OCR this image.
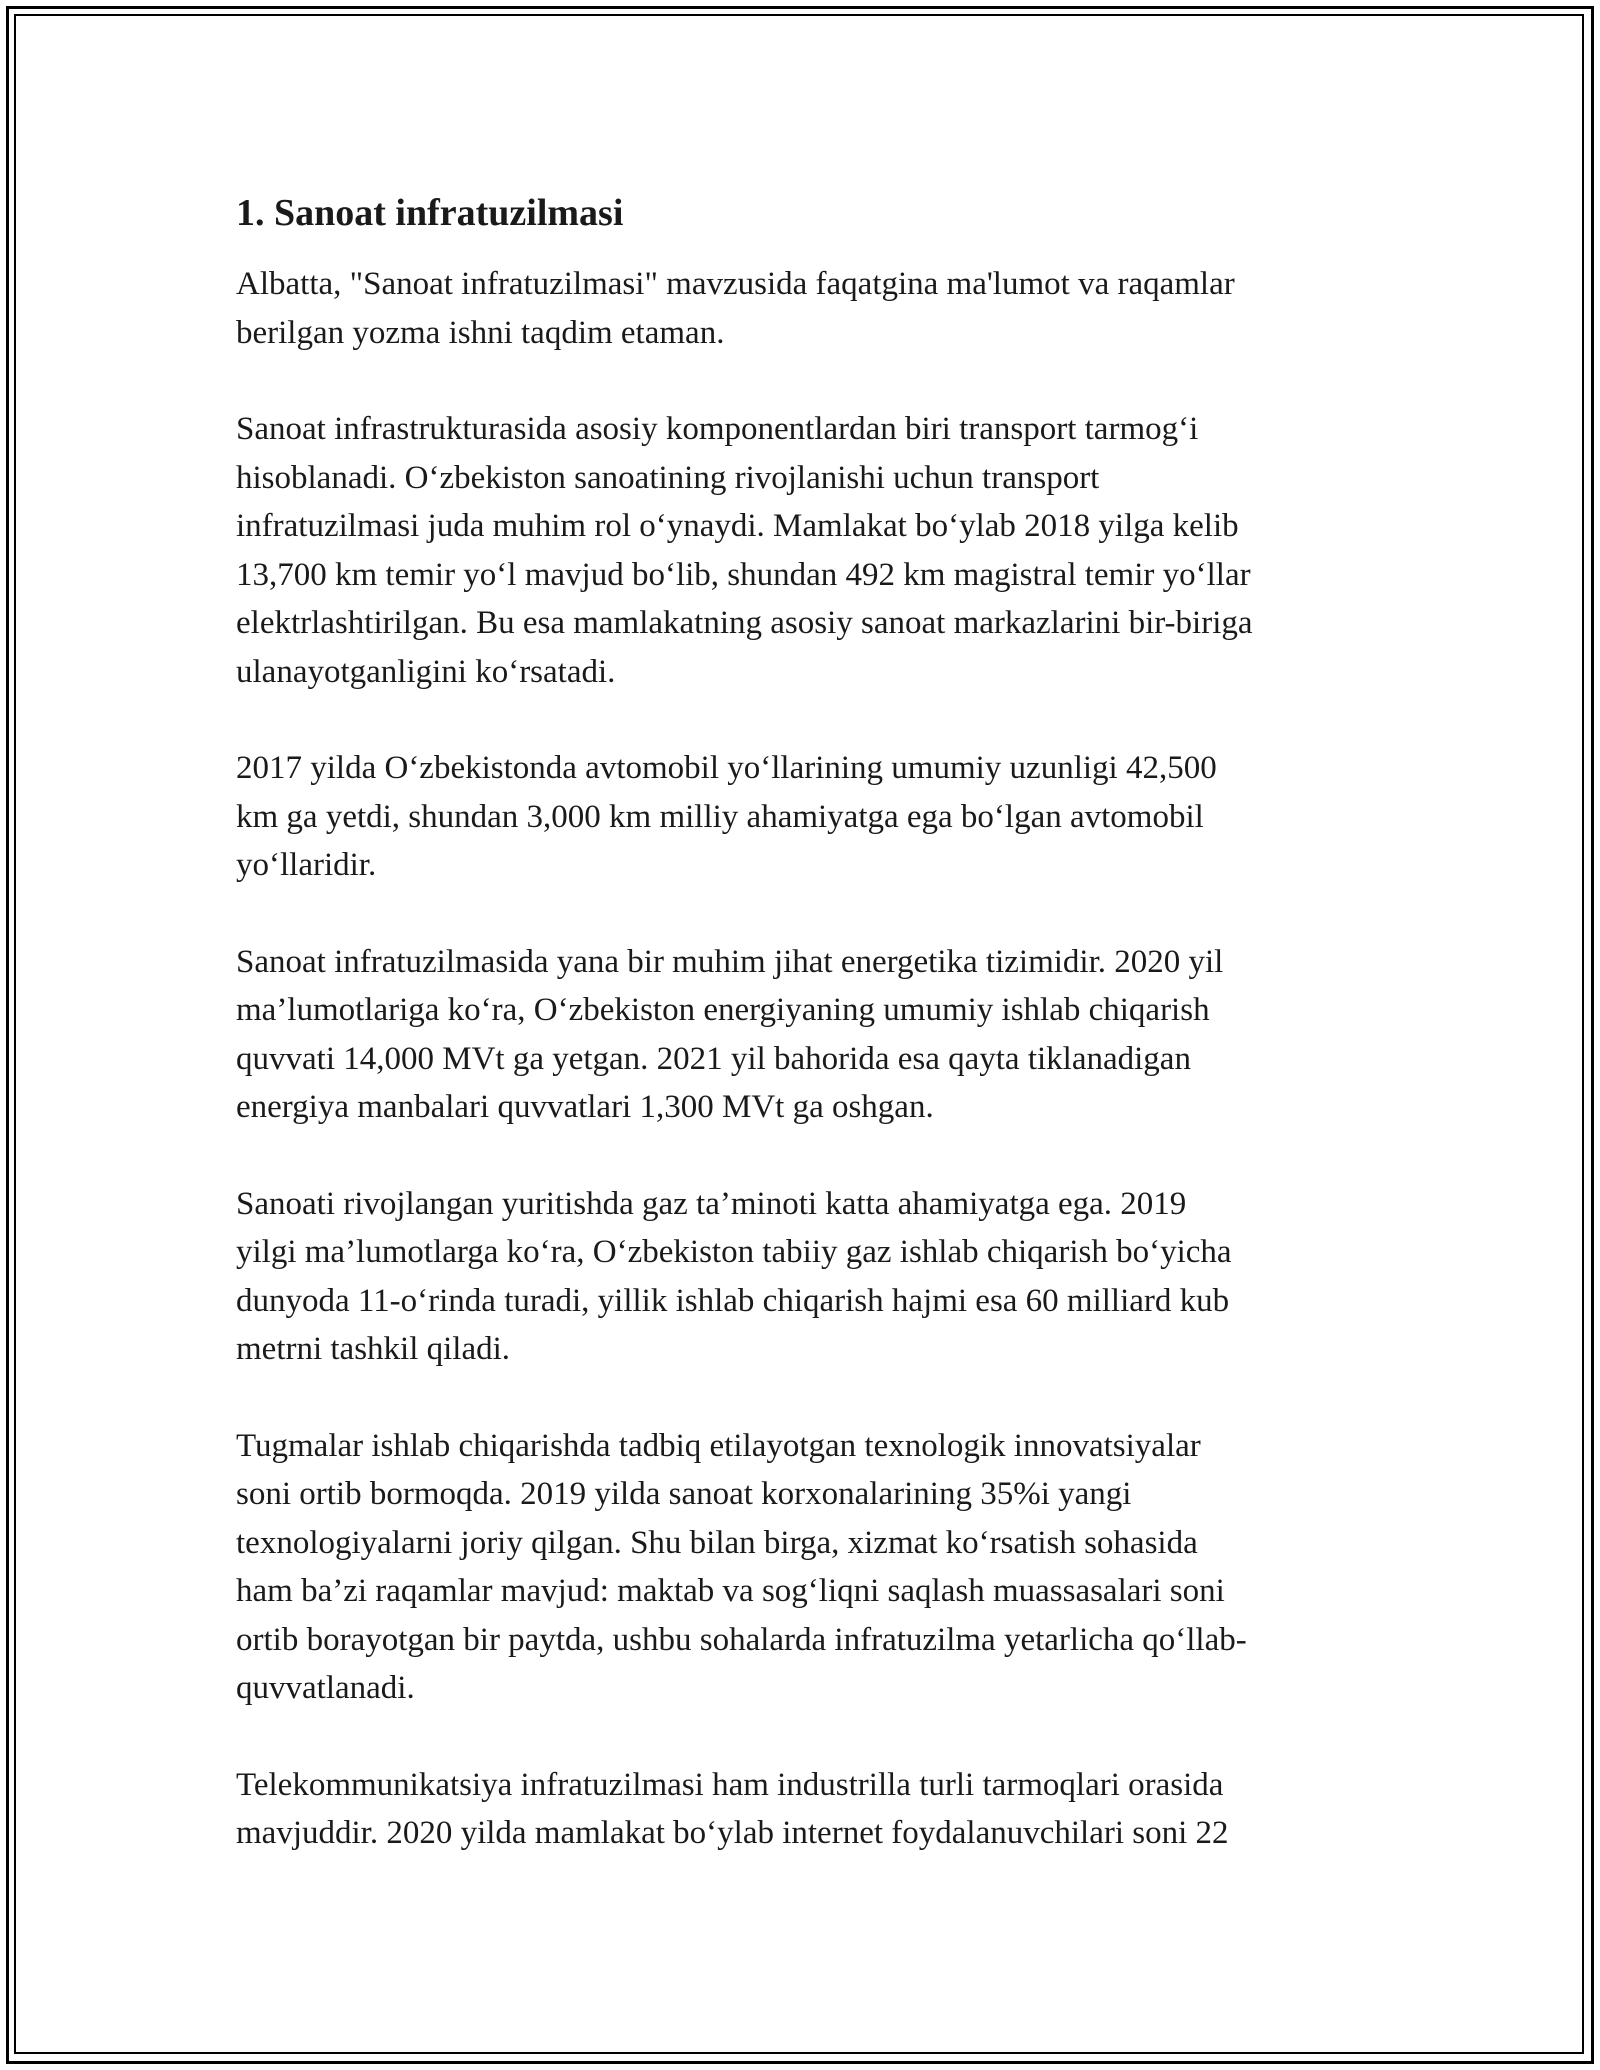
1. Sanoat infratuzilmasi

Albatta, "Sanoat infratuzilmasi" mavzusida faqatgina ma'lumot va raqamlar
berilgan yozma ishni taqdim etaman.

Sanoat infrastrukturasida asosiy komponentlardan biri transport tarmogʻi
hisoblanadi. Oʻzbekiston sanoatining rivojlanishi uchun transport
infratuzilmasi juda muhim rol oʻynaydi. Mamlakat boʻylab 2018 yilga kelib
13,700 km temir yoʻl mavjud boʻlib, shundan 492 km magistral temir yoʻllar
elektrlashtirilgan. Bu esa mamlakatning asosiy sanoat markazlarini bir-biriga
ulanayotganligini koʻrsatadi.

2017 yilda Oʻzbekistonda avtomobil yoʻllarining umumiy uzunligi 42,500
km ga yetdi, shundan 3,000 km milliy ahamiyatga ega boʻlgan avtomobil
yoʻllaridir.

Sanoat infratuzilmasida yana bir muhim jihat energetika tizimidir. 2020 yil
ma’lumotlariga koʻra, Oʻzbekiston energiyaning umumiy ishlab chiqarish
quvvati 14,000 MVt ga yetgan. 2021 yil bahorida esa qayta tiklanadigan
energiya manbalari quvvatlari 1,300 MVt ga oshgan.

Sanoati rivojlangan yuritishda gaz ta’minoti katta ahamiyatga ega. 2019
yilgi ma’lumotlarga koʻra, Oʻzbekiston tabiiy gaz ishlab chiqarish boʻyicha
dunyoda 11-oʻrinda turadi, yillik ishlab chiqarish hajmi esa 60 milliard kub
metrni tashkil qiladi.

Tugmalar ishlab chiqarishda tadbiq etilayotgan texnologik innovatsiyalar
soni ortib bormoqda. 2019 yilda sanoat korxonalarining 35%i yangi
texnologiyalarni joriy qilgan. Shu bilan birga, xizmat koʻrsatish sohasida
ham ba’zi raqamlar mavjud: maktab va sogʻliqni saqlash muassasalari soni
ortib borayotgan bir paytda, ushbu sohalarda infratuzilma yetarlicha qoʻllab-
quvvatlanadi.

Telekommunikatsiya infratuzilmasi ham industrilla turli tarmoqlari orasida
mavjuddir. 2020 yilda mamlakat boʻylab internet foydalanuvchilari soni 22
